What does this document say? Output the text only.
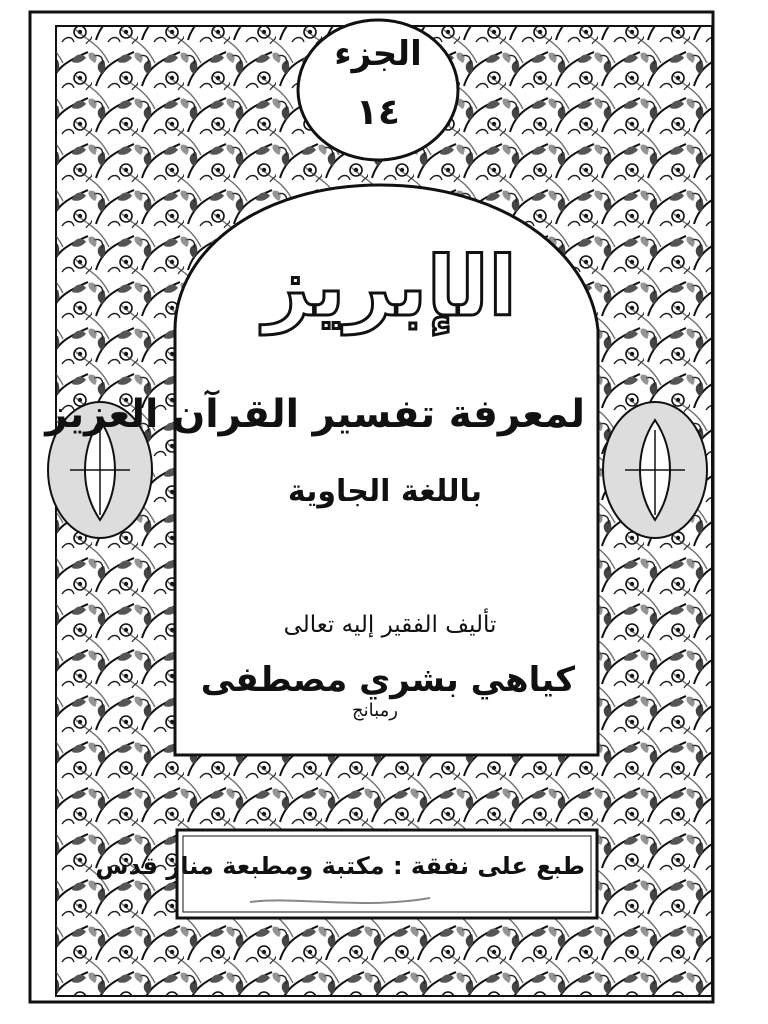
الجزء
١٤
الإبريز
لمعرفة تفسير القرآن العزيز
باللغة الجاوية
تأليف الفقير إليه تعالى
كياهي بشري مصطفى
رمبانج
طبع على نفقة : مكتبة ومطبعة منار قدس
